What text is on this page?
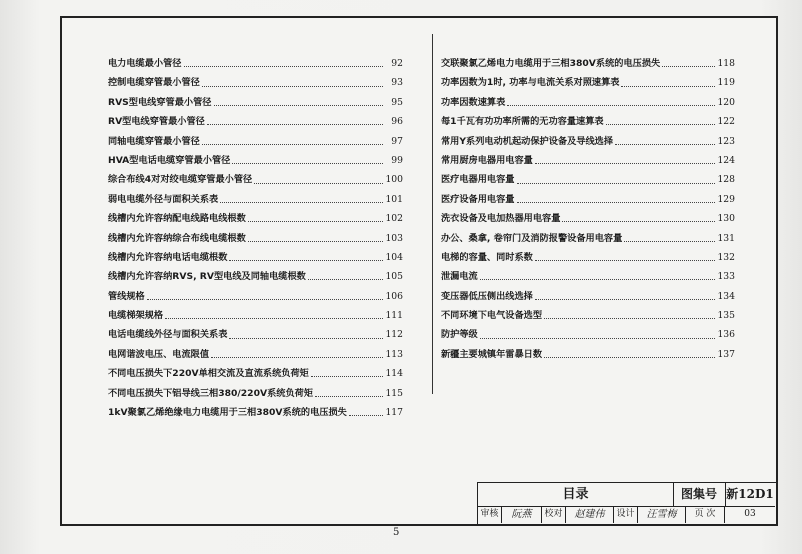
电力电缆最小管径	92
控制电缆穿管最小管径	93
RVS型电线穿管最小管径	95
RV型电线穿管最小管径	96
同轴电缆穿管最小管径	97
HVA型电话电缆穿管最小管径	99
综合布线4对对绞电缆穿管最小管径	100
弱电电缆外径与面积关系表	101
线槽内允许容纳配电线路电线根数	102
线槽内允许容纳综合布线电缆根数	103
线槽内允许容纳电话电缆根数	104
线槽内允许容纳RVS, RV型电线及同轴电缆根数	105
管线规格	106
电缆梯架规格	111
电话电缆线外径与面积关系表	112
电网谐波电压、电流限值	113
不同电压损失下220V单相交流及直流系统负荷矩	114
不同电压损失下铝导线三相380/220V系统负荷矩	115
1kV聚氯乙烯绝缘电力电缆用于三相380V系统的电压损失	117
交联聚氯乙烯电力电缆用于三相380V系统的电压损失	118
功率因数为1时, 功率与电流关系对照速算表	119
功率因数速算表	120
每1千瓦有功功率所需的无功容量速算表	122
常用Y系列电动机起动保护设备及导线选择	123
常用厨房电器用电容量	124
医疗电器用电容量	128
医疗设备用电容量	129
洗衣设备及电加热器用电容量	130
办公、桑拿, 卷帘门及消防报警设备用电容量	131
电梯的容量、同时系数	132
泄漏电流	133
变压器低压侧出线选择	134
不同环境下电气设备选型	135
防护等级	136
新疆主要城镇年雷暴日数	137
目录	图集号 新12D1
审核	阮燕	校对	赵建伟	设计	汪雪梅	页 次	03
5
